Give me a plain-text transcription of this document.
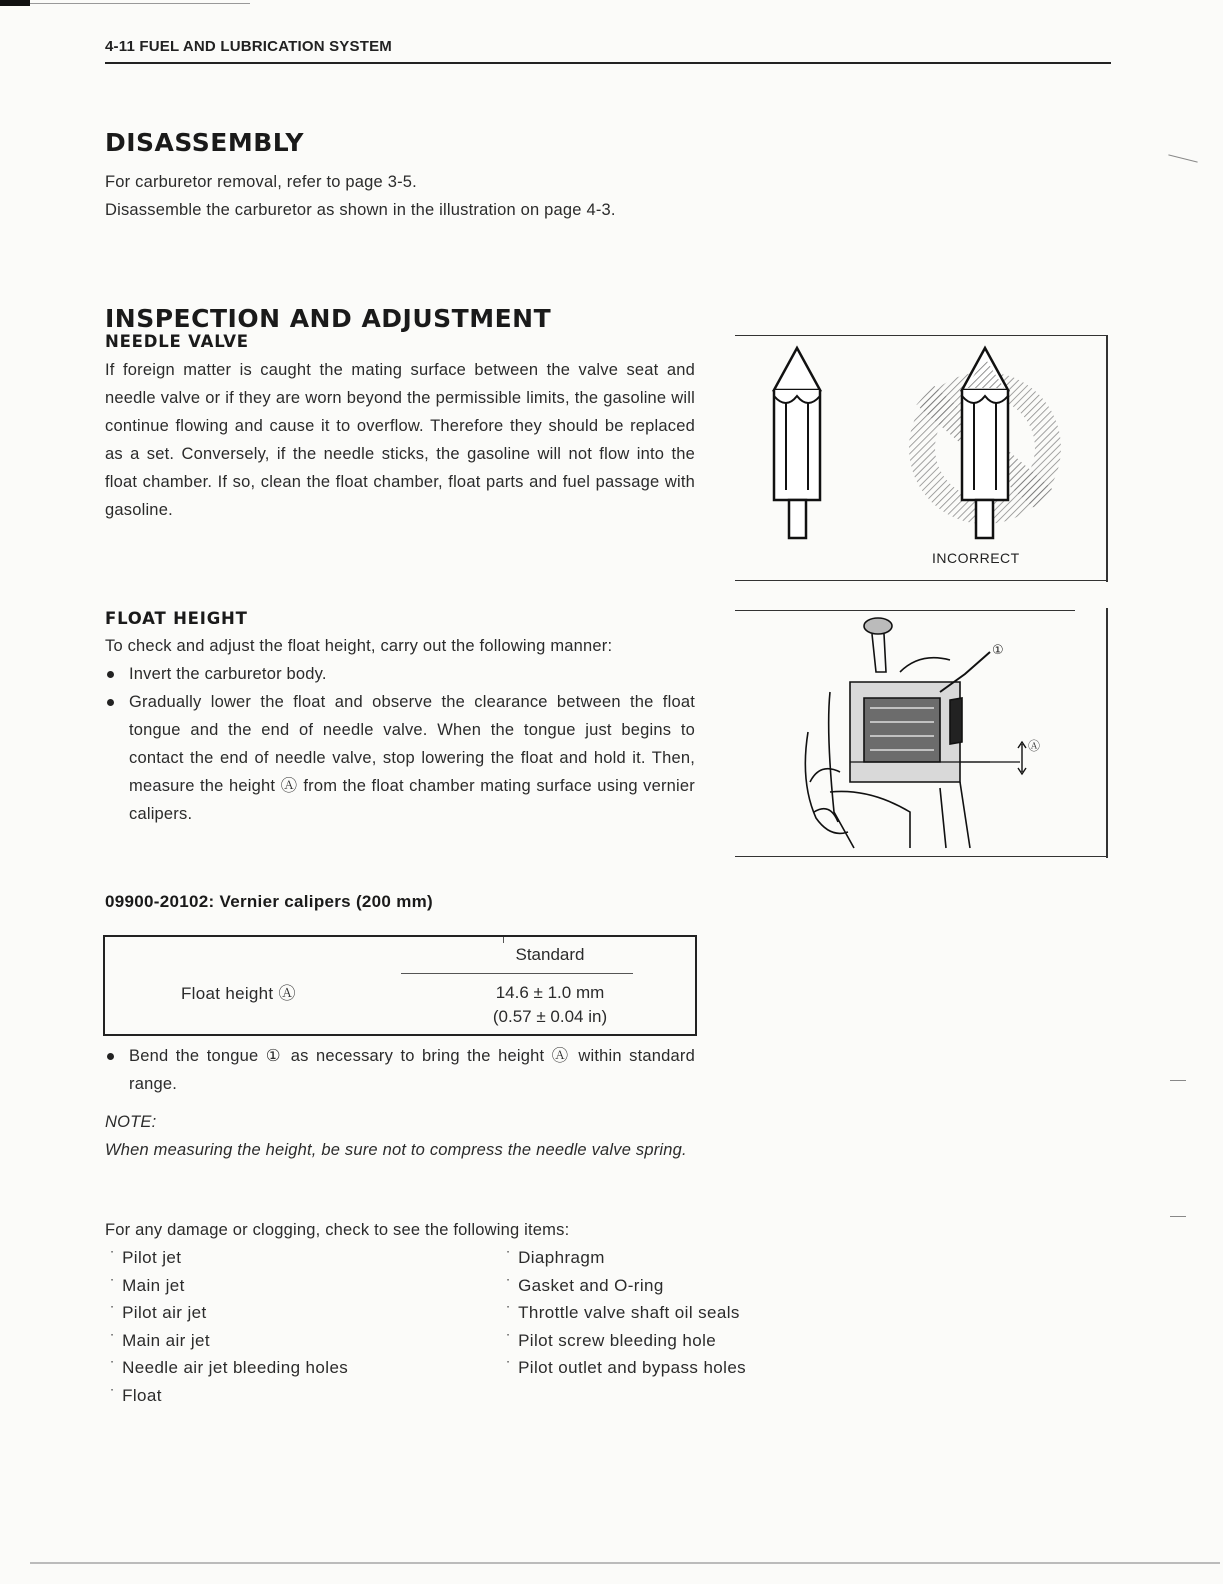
4-11 FUEL AND LUBRICATION SYSTEM
DISASSEMBLY

For carburetor removal, refer to page 3-5.

Disassemble the carburetor as shown in the illustration on page 4-3.

INSPECTION AND ADJUSTMENT
NEEDLE VALVE

If foreign matter is caught the mating surface between the valve seat and needle valve or if they are worn beyond the permissible limits, the gasoline will continue flowing and cause it to overflow. Therefore they should be replaced as a set. Conversely, if the needle sticks, the gasoline will not flow into the float chamber. If so, clean the float chamber, float parts and fuel passage with gasoline.

INCORRECT
FLOAT HEIGHT

To check and adjust the float height, carry out the following manner:

Invert the carburetor body.

Gradually lower the float and observe the clearance between the float tongue and the end of needle valve. When the tongue just begins to contact the end of needle valve, stop lowering the float and hold it. Then, measure the height Ⓐ from the float chamber mating surface using vernier calipers.

09900-20102: Vernier calipers (200 mm)
①
Ⓐ
Standard
Float height Ⓐ	14.6 ± 1.0 mm
(0.57 ± 0.04 in)

Bend the tongue ① as necessary to bring the height Ⓐ within standard range.

NOTE:

When measuring the height, be sure not to compress the needle valve spring.

For any damage or clogging, check to see the following items:

˙ Pilot jet
˙ Main jet
˙ Pilot air jet
˙ Main air jet
˙ Needle air jet bleeding holes
˙ Float
˙ Diaphragm
˙ Gasket and O-ring
˙ Throttle valve shaft oil seals
˙ Pilot screw bleeding hole
˙ Pilot outlet and bypass holes
